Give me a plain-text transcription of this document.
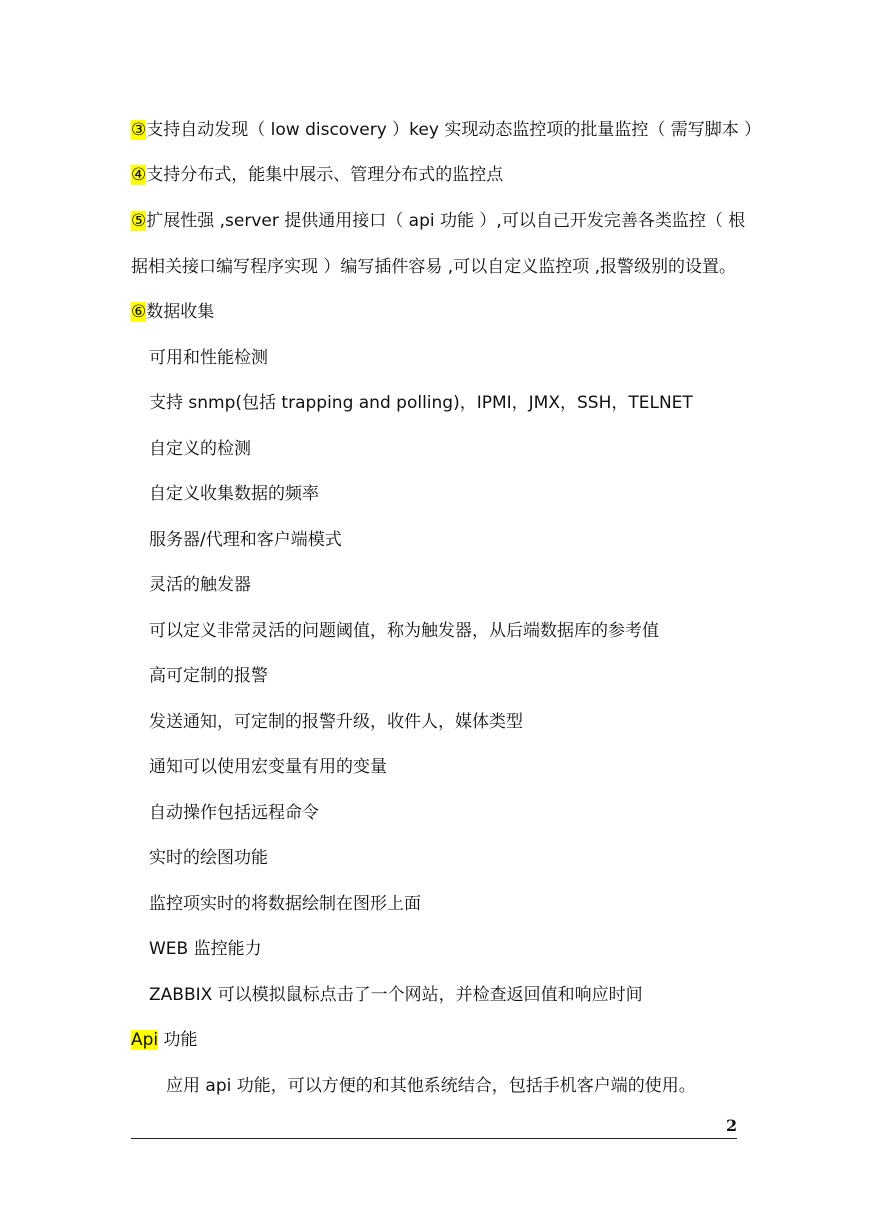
③支持自动发现（ low discovery ）key 实现动态监控项的批量监控（ 需写脚本 ）
④支持分布式，能集中展示、管理分布式的监控点
⑤扩展性强 ,server 提供通用接口（ api 功能 ）,可以自己开发完善各类监控（ 根
据相关接口编写程序实现 ）编写插件容易 ,可以自定义监控项 ,报警级别的设置。
⑥数据收集
可用和性能检测
支持 snmp(包括 trapping and polling)，IPMI，JMX，SSH，TELNET
自定义的检测
自定义收集数据的频率
服务器/代理和客户端模式
灵活的触发器
可以定义非常灵活的问题阈值，称为触发器，从后端数据库的参考值
高可定制的报警
发送通知，可定制的报警升级，收件人，媒体类型
通知可以使用宏变量有用的变量
自动操作包括远程命令
实时的绘图功能
监控项实时的将数据绘制在图形上面
WEB 监控能力
ZABBIX 可以模拟鼠标点击了一个网站，并检查返回值和响应时间
Api 功能
应用 api 功能，可以方便的和其他系统结合，包括手机客户端的使用。
2
